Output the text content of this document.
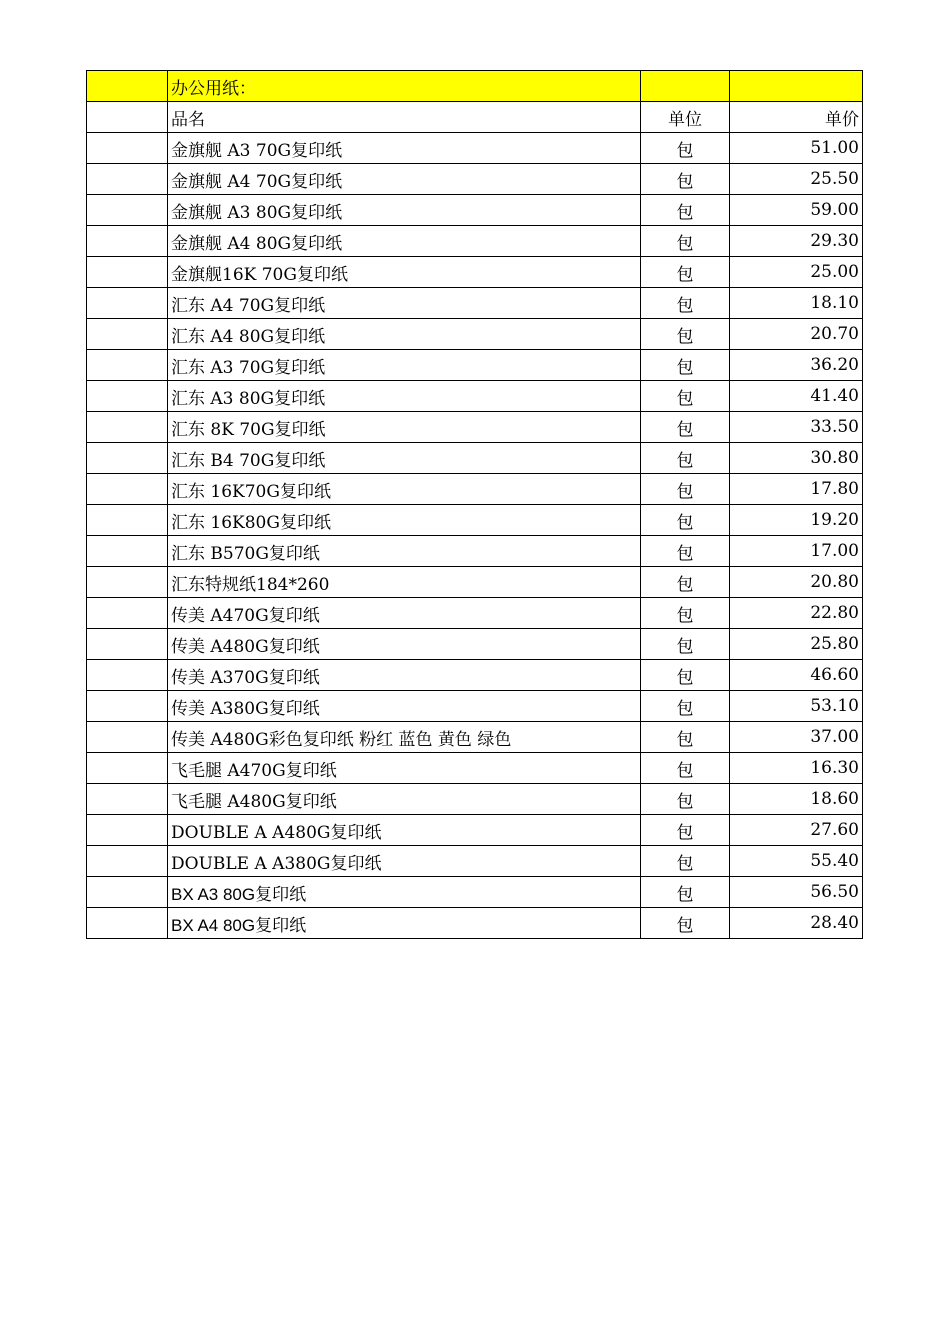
	办公用纸：		
	品名	单位	单价
	金旗舰 A3 70G复印纸	包	51.00
	金旗舰 A4 70G复印纸	包	25.50
	金旗舰 A3 80G复印纸	包	59.00
	金旗舰 A4 80G复印纸	包	29.30
	金旗舰16K 70G复印纸	包	25.00
	汇东 A4 70G复印纸	包	18.10
	汇东 A4 80G复印纸	包	20.70
	汇东 A3 70G复印纸	包	36.20
	汇东 A3 80G复印纸	包	41.40
	汇东 8K 70G复印纸	包	33.50
	汇东 B4 70G复印纸	包	30.80
	汇东 16K70G复印纸	包	17.80
	汇东 16K80G复印纸	包	19.20
	汇东 B570G复印纸	包	17.00
	汇东特规纸184*260	包	20.80
	传美 A470G复印纸	包	22.80
	传美 A480G复印纸	包	25.80
	传美 A370G复印纸	包	46.60
	传美 A380G复印纸	包	53.10
	传美 A480G彩色复印纸 粉红 蓝色 黄色 绿色	包	37.00
	飞毛腿 A470G复印纸	包	16.30
	飞毛腿 A480G复印纸	包	18.60
	DOUBLE A A480G复印纸	包	27.60
	DOUBLE A A380G复印纸	包	55.40
	BX A3 80G复印纸	包	56.50
	BX A4 80G复印纸	包	28.40
